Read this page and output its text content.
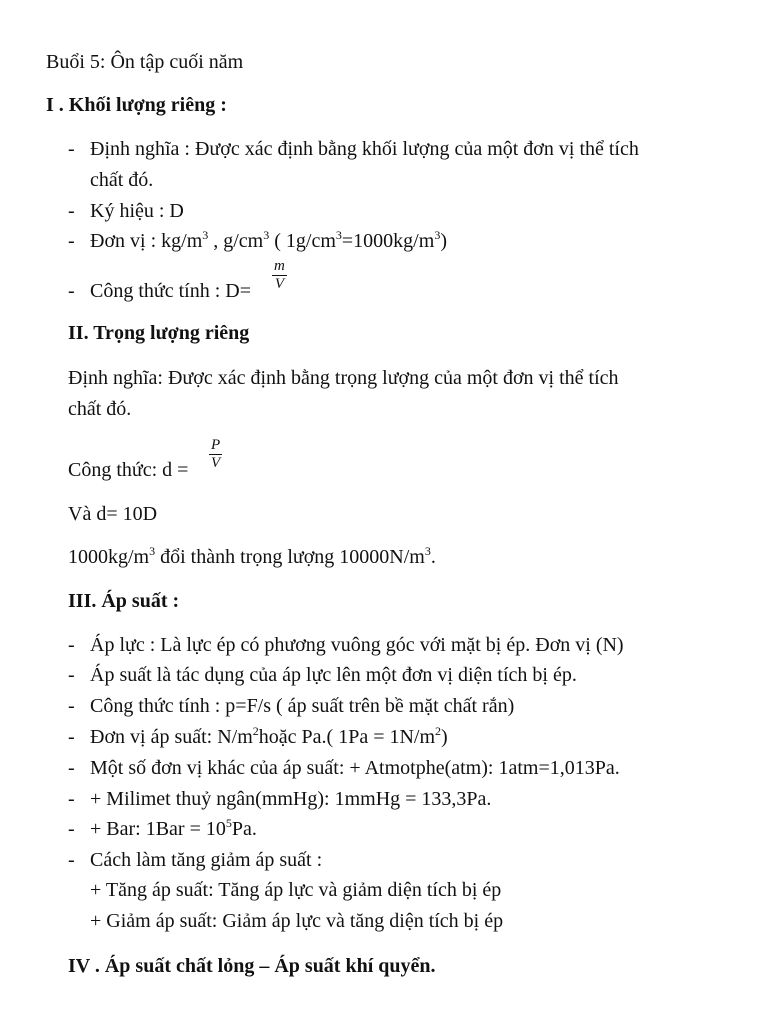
Buổi 5: Ôn tập cuối năm
I . Khối lượng riêng :
- Định nghĩa : Được xác định bằng khối lượng của một đơn vị thể tích
chất đó.
- Ký hiệu : D
- Đơn vị : $kg/m^3$ , $g/cm^3$ ( $1g/cm^3=1000kg/m^3$)
- Công thức tính : $D= \frac{m}{V}$
II. Trọng lượng riêng
Định nghĩa: Được xác định bằng trọng lượng của một đơn vị thể tích
chất đó.
Công thức: $d = \frac{P}{V}$
Và d= 10D
$1000kg/m^3$ đổi thành trọng lượng $10000N/m^3$.
III. Áp suất :
- Áp lực : Là lực ép có phương vuông góc với mặt bị ép. Đơn vị (N)
- Áp suất là tác dụng của áp lực lên một đơn vị diện tích bị ép.
- Công thức tính : p=F/s ( áp suất trên bề mặt chất rắn)
- Đơn vị áp suất: $N/m^2hoặc$ Pa.( $1Pa = 1N/m^2$)
- Một số đơn vị khác của áp suất: + Atmotphe(atm): 1atm=1,013Pa.
- + Milimet thuỷ ngân(mmHg): 1mmHg = 133,3Pa.
- + Bar: $1Bar = 10^5Pa$.
- Cách làm tăng giảm áp suất :
+ Tăng áp suất: Tăng áp lực và giảm diện tích bị ép
+ Giảm áp suất: Giảm áp lực và tăng diện tích bị ép
IV . Áp suất chất lỏng – Áp suất khí quyển.
